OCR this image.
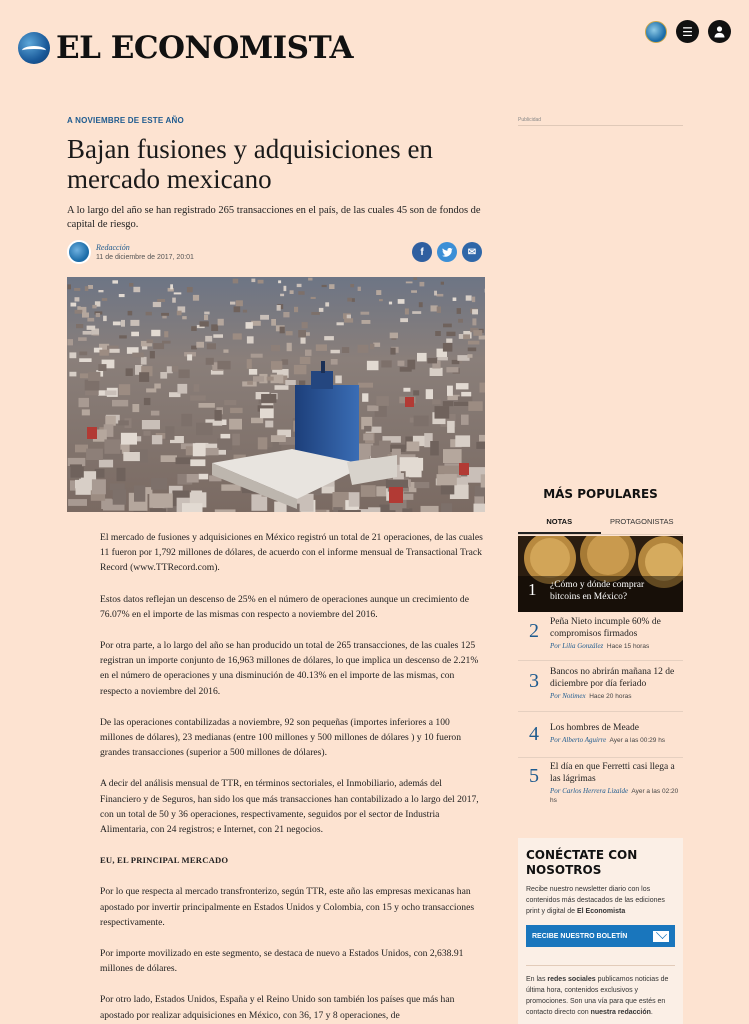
EL ECONOMISTA	☰
A NOVIEMBRE DE ESTE AÑO
Bajan fusiones y adquisiciones en mercado mexicano

A lo largo del año se han registrado 265 transacciones en el país, de las cuales 45 son de fondos de capital de riesgo.

Redacción
11 de diciembre de 2017, 20:01	f	✉

El mercado de fusiones y adquisiciones en México registró un total de 21 operaciones, de las cuales 11 fueron por 1,792 millones de dólares, de acuerdo con el informe mensual de Transactional Track Record (www.TTRecord.com).

Estos datos reflejan un descenso de 25% en el número de operaciones aunque un crecimiento de 76.07% en el importe de las mismas con respecto a noviembre del 2016.

Por otra parte, a lo largo del año se han producido un total de 265 transacciones, de las cuales 125 registran un importe conjunto de 16,963 millones de dólares, lo que implica un descenso de 2.21% en el número de operaciones y una disminución de 40.13% en el importe de las mismas, con respecto a noviembre del 2016.

De las operaciones contabilizadas a noviembre, 92 son pequeñas (importes inferiores a 100 millones de dólares), 23 medianas (entre 100 millones y 500 millones de dólares ) y 10 fueron grandes transacciones (superior a 500 millones de dólares).

A decir del análisis mensual de TTR, en términos sectoriales, el Inmobiliario, además del Financiero y de Seguros, han sido los que más transacciones han contabilizado a lo largo del 2017, con un total de 50 y 36 operaciones, respectivamente, seguidos por el sector de Industria Alimentaria, con 24 registros; e Internet, con 21 negocios.

EU, EL PRINCIPAL MERCADO

Por lo que respecta al mercado transfronterizo, según TTR, este año las empresas mexicanas han apostado por invertir principalmente en Estados Unidos y Colombia, con 15 y ocho transacciones respectivamente.

Por importe movilizado en este segmento, se destaca de nuevo a Estados Unidos, con 2,638.91 millones de dólares.

Por otro lado, Estados Unidos, España y el Reino Unido son también los países que más han apostado por realizar adquisiciones en México, con 36, 17 y 8 operaciones, de

Publicidad
MÁS POPULARES
NOTAS	PROTAGONISTAS
1 ¿Cómo y dónde comprar bitcoins en México?
2	Peña Nieto incumple 60% de compromisos firmados
Por Lilia González Hace 15 horas
3	Bancos no abrirán mañana 12 de diciembre por día feriado
Por Notimex Hace 20 horas
4	Los hombres de Meade
Por Alberto Aguirre Ayer a las 00:29 hs
5	El día en que Ferretti casi llega a las lágrimas
Por Carlos Herrera Lizalde Ayer a las 02:20 hs
CONÉCTATE CON NOSOTROS

Recibe nuestro newsletter diario con los contenidos más destacados de las ediciones print y digital de El Economista

RECIBE NUESTRO BOLETÍN

En las redes sociales publicamos noticias de última hora, contenidos exclusivos y promociones. Son una vía para que estés en contacto directo con nuestra redacción.
